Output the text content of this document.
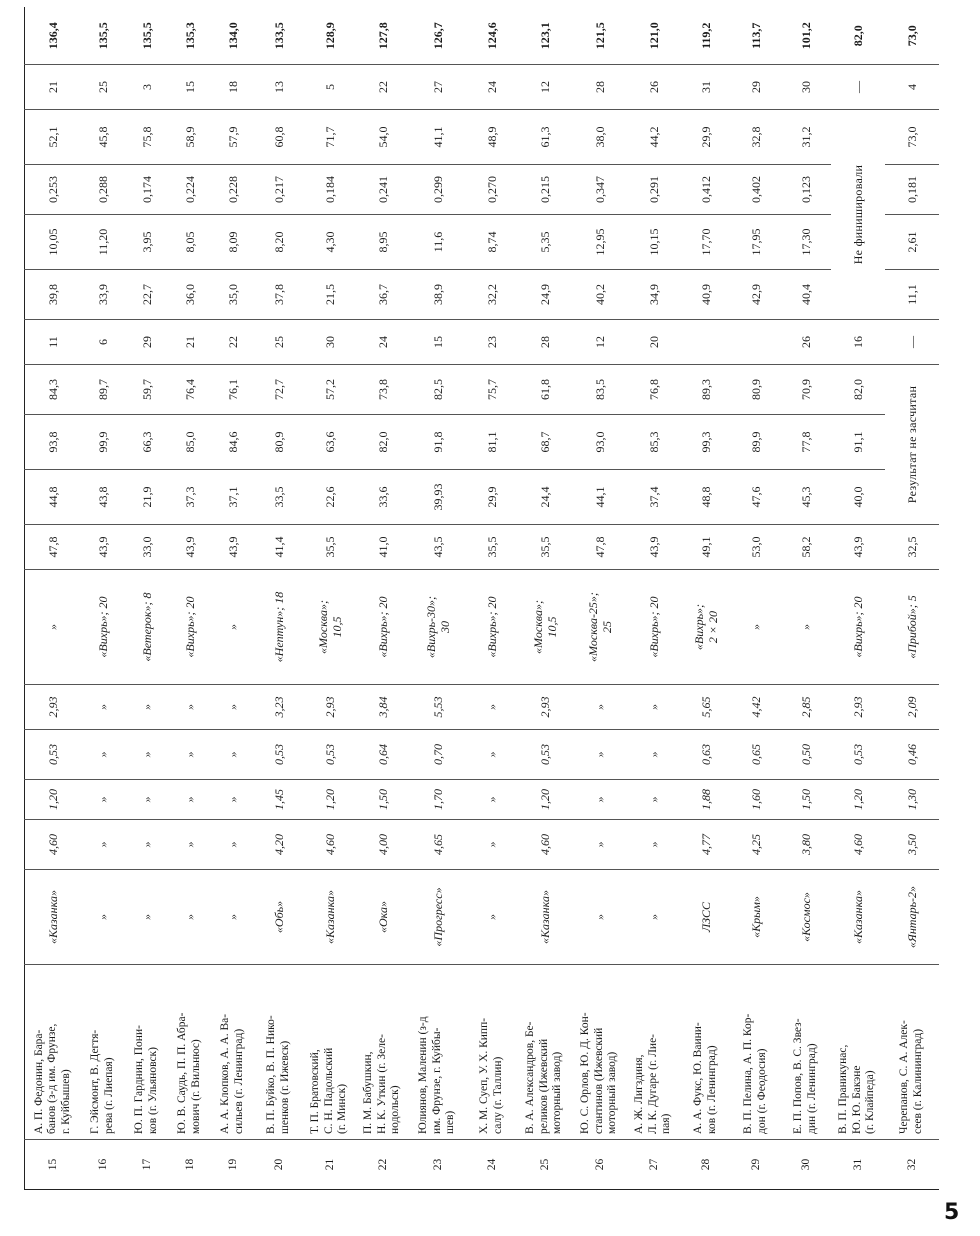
15	А. П. Федонин, Бара-
банов (з-д им. Фрунзе,
г. Куйбышев)	«Казанка»	4,60	1,20	0,53	2,93	»	47,8	44,8	93,8	84,3	11	39,8	10,05	0,253	52,1	21	136,4
16	Г. Эйсмонт, В. Дегтя-
рева (г. Лиепая)	»	»	»	»	»	«Вихрь»; 20	43,9	43,8	99,9	89,7	6	33,9	11,20	0,288	45,8	25	135,5
17	Ю. П. Гарднин, Пони-
ков (г. Ульяновск)	»	»	»	»	»	«Ветерок»; 8	33,0	21,9	66,3	59,7	29	22,7	3,95	0,174	75,8	3	135,5
18	Ю. В. Саудь, П. П. Абра-
мович (г. Вильнюс)	»	»	»	»	»	«Вихрь»; 20	43,9	37,3	85,0	76,4	21	36,0	8,05	0,224	58,9	15	135,3
19	А. А. Клопков, А. А. Ва-
сильев (г. Ленинград)	»	»	»	»	»	»	43,9	37,1	84,6	76,1	22	35,0	8,09	0,228	57,9	18	134,0
20	В. П. Буйко, В. П. Нико-
шенков (г. Ижевск)	«Обь»	4,20	1,45	0,53	3,23	«Нептун»; 18	41,4	33,5	80,9	72,7	25	37,8	8,20	0,217	60,8	13	133,5
21	Т. П. Братовский,
С. Н. Падольский
(г. Минск)	«Казанка»	4,60	1,20	0,53	2,93	«Москва»;
10,5	35,5	22,6	63,6	57,2	30	21,5	4,30	0,184	71,7	5	128,9
22	П. М. Бабушкин,
Н. К. Уткин (г. Зеле-
нодольск)	«Ока»	4,00	1,50	0,64	3,84	«Вихрь»; 20	41,0	33,6	82,0	73,8	24	36,7	8,95	0,241	54,0	22	127,8
23	Юлиянов, Маленин (з-д
им. Фрунзе, г. Куйбы-
шев)	«Прогресс»	4,65	1,70	0,70	5,53	«Вихрь-30»;
30	43,5	39,93	91,8	82,5	15	38,9	11,6	0,299	41,1	27	126,7
24	Х. М. Суеп, У. Х. Кипп-
салу (г. Таллин)	»	»	»	»	»	«Вихрь»; 20	35,5	29,9	81,1	75,7	23	32,2	8,74	0,270	48,9	24	124,6
25	В. А. Александров, Бе-
реликов (Ижевский
моторный завод)	«Казанка»	4,60	1,20	0,53	2,93	«Москва»;
10,5	35,5	24,4	68,7	61,8	28	24,9	5,35	0,215	61,3	12	123,1
26	Ю. С. Орлов, Ю. Д. Кон-
стантинов (Ижевский
моторный завод)	»	»	»	»	»	«Москва-25»;
25	47,8	44,1	93,0	83,5	12	40,2	12,95	0,347	38,0	28	121,5
27	А. Ж. Лигздиня,
Л. К. Дугаре (г. Лие-
пая)	»	»	»	»	»	«Вихрь»; 20	43,9	37,4	85,3	76,8	20	34,9	10,15	0,291	44,2	26	121,0
28	А. А. Фукс, Ю. Ваини-
ков (г. Ленинград)	ЛЗСС	4,77	1,88	0,63	5,65	«Вихрь»;
2 × 20	49,1	48,8	99,3	89,3		40,9	17,70	0,412	29,9	31	119,2
29	В. П. Пелина, А. П. Кор-
дон (г. Феодосия)	«Крым»	4,25	1,60	0,65	4,42	»	53,0	47,6	89,9	80,9		42,9	17,95	0,402	32,8	29	113,7
30	Е. П. Попов, В. С. Звез-
дин (г. Ленинград)	«Космос»	3,80	1,50	0,50	2,85	»	58,2	45,3	77,8	70,9	26	40,4	17,30	0,123	31,2	30	101,2
31	В. П. Праникунас,
Ю. Ю. Бакэне
(г. Клайпеда)	«Казанка»	4,60	1,20	0,53	2,93	«Вихрь»; 20	43,9	40,0	91,1	82,0	16	Не финишировали				—	82,0
32	Черепанов, С. А. Алек-
сеев (г. Калининград)	«Янтарь-2»	3,50	1,30	0,46	2,09	«Прибой»; 5	32,5	Результат не засчитан			—	11,1	2,61	0,181	73,0	4	73,0
5
